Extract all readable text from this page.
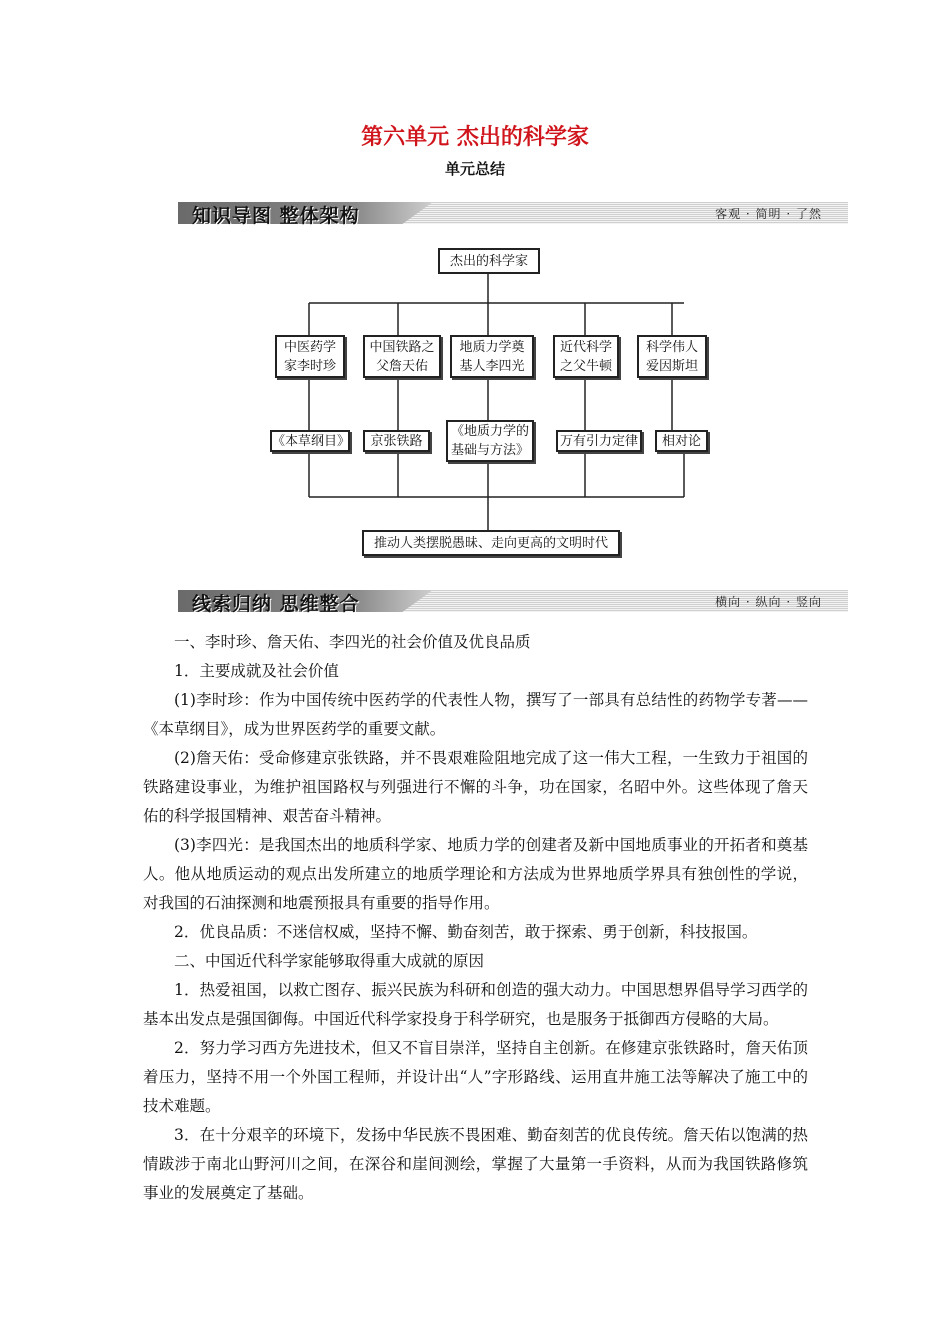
第六单元 杰出的科学家
单元总结
知识导图 整体架构	客观 · 简明 · 了然
杰出的科学家
中医药学
家李时珍
中国铁路之
父詹天佑
地质力学奠
基人李四光
近代科学
之父牛顿
科学伟人
爱因斯坦
《本草纲目》 京张铁路
《地质力学的
基础与方法》
万有引力定律 相对论
推动人类摆脱愚昧、走向更高的文明时代
线索归纳 思维整合	横向 · 纵向 · 竖向

一、李时珍、詹天佑、李四光的社会价值及优良品质

1．主要成就及社会价值

(1)李时珍：作为中国传统中医药学的代表性人物，撰写了一部具有总结性的药物学专著——《本草纲目》，成为世界医药学的重要文献。

(2)詹天佑：受命修建京张铁路，并不畏艰难险阻地完成了这一伟大工程，一生致力于祖国的铁路建设事业，为维护祖国路权与列强进行不懈的斗争，功在国家，名昭中外。这些体现了詹天佑的科学报国精神、艰苦奋斗精神。

(3)李四光：是我国杰出的地质科学家、地质力学的创建者及新中国地质事业的开拓者和奠基人。他从地质运动的观点出发所建立的地质学理论和方法成为世界地质学界具有独创性的学说，对我国的石油探测和地震预报具有重要的指导作用。

2．优良品质：不迷信权威，坚持不懈、勤奋刻苦，敢于探索、勇于创新，科技报国。

二、中国近代科学家能够取得重大成就的原因

1．热爱祖国，以救亡图存、振兴民族为科研和创造的强大动力。中国思想界倡导学习西学的基本出发点是强国御侮。中国近代科学家投身于科学研究，也是服务于抵御西方侵略的大局。

2．努力学习西方先进技术，但又不盲目崇洋，坚持自主创新。在修建京张铁路时，詹天佑顶着压力，坚持不用一个外国工程师，并设计出“人”字形路线、运用直井施工法等解决了施工中的技术难题。

3．在十分艰辛的环境下，发扬中华民族不畏困难、勤奋刻苦的优良传统。詹天佑以饱满的热情跋涉于南北山野河川之间，在深谷和崖间测绘，掌握了大量第一手资料，从而为我国铁路修筑事业的发展奠定了基础。
